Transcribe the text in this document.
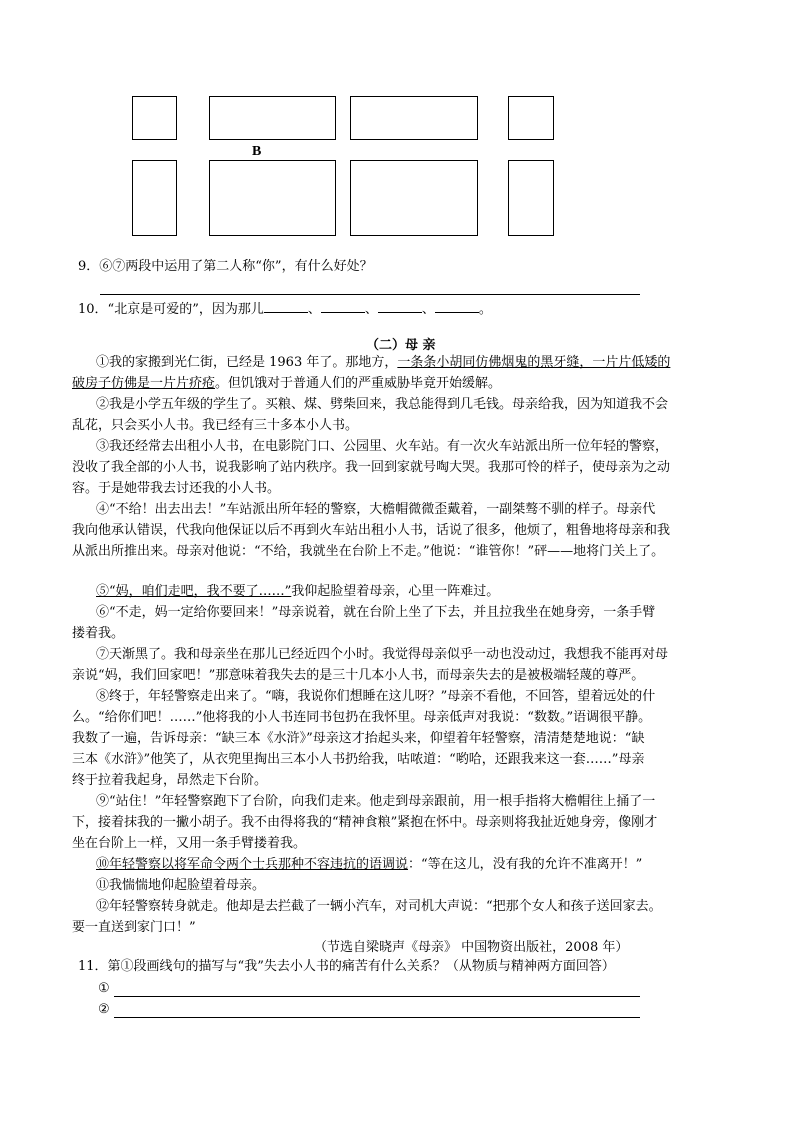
B
9．⑥⑦两段中运用了第二人称“你”，有什么好处？
10．“北京是可爱的”，因为那儿	、	、	、	。
（二）母 亲
①我的家搬到光仁街，已经是 1963 年了。那地方，一条条小胡同仿佛烟鬼的黑牙缝，一片片低矮的
破房子仿佛是一片片疥疮。但饥饿对于普通人们的严重威胁毕竟开始缓解。
②我是小学五年级的学生了。买粮、煤、劈柴回来，我总能得到几毛钱。母亲给我，因为知道我不会
乱花，只会买小人书。我已经有三十多本小人书。
③我还经常去出租小人书，在电影院门口、公园里、火车站。有一次火车站派出所一位年轻的警察，
没收了我全部的小人书，说我影响了站内秩序。我一回到家就号啕大哭。我那可怜的样子，使母亲为之动
容。于是她带我去讨还我的小人书。
④“不给！出去出去！”车站派出所年轻的警察，大檐帽微微歪戴着，一副桀骜不驯的样子。母亲代
我向他承认错误，代我向他保证以后不再到火车站出租小人书，话说了很多，他烦了，粗鲁地将母亲和我
从派出所推出来。母亲对他说：“不给，我就坐在台阶上不走。”他说：“谁管你！”砰——地将门关上了。
⑤“妈，咱们走吧，我不要了……”我仰起脸望着母亲，心里一阵难过。
⑥“不走，妈一定给你要回来！”母亲说着，就在台阶上坐了下去，并且拉我坐在她身旁，一条手臂
搂着我。
⑦天渐黑了。我和母亲坐在那儿已经近四个小时。我觉得母亲似乎一动也没动过，我想我不能再对母
亲说“妈，我们回家吧！”那意味着我失去的是三十几本小人书，而母亲失去的是被极端轻蔑的尊严。
⑧终于，年轻警察走出来了。“嗨，我说你们想睡在这儿呀？”母亲不看他，不回答，望着远处的什
么。“给你们吧！……”他将我的小人书连同书包扔在我怀里。母亲低声对我说：“数数。”语调很平静。
我数了一遍，告诉母亲：“缺三本《水浒》”母亲这才抬起头来，仰望着年轻警察，清清楚楚地说：“缺
三本《水浒》”他笑了，从衣兜里掏出三本小人书扔给我，咕哝道：“哟哈，还跟我来这一套……”母亲
终于拉着我起身，昂然走下台阶。
⑨“站住！”年轻警察跑下了台阶，向我们走来。他走到母亲跟前，用一根手指将大檐帽往上捅了一
下，接着抹我的一撇小胡子。我不由得将我的“精神食粮”紧抱在怀中。母亲则将我扯近她身旁，像刚才
坐在台阶上一样，又用一条手臂搂着我。
⑩年轻警察以将军命令两个士兵那种不容违抗的语调说：“等在这儿，没有我的允许不准离开！”
⑪我惴惴地仰起脸望着母亲。
⑫年轻警察转身就走。他却是去拦截了一辆小汽车，对司机大声说：“把那个女人和孩子送回家去。
要一直送到家门口！”
（节选自梁晓声《母亲》 中国物资出版社，2008 年）
11．第①段画线句的描写与“我”失去小人书的痛苦有什么关系？（从物质与精神两方面回答）
①
②
